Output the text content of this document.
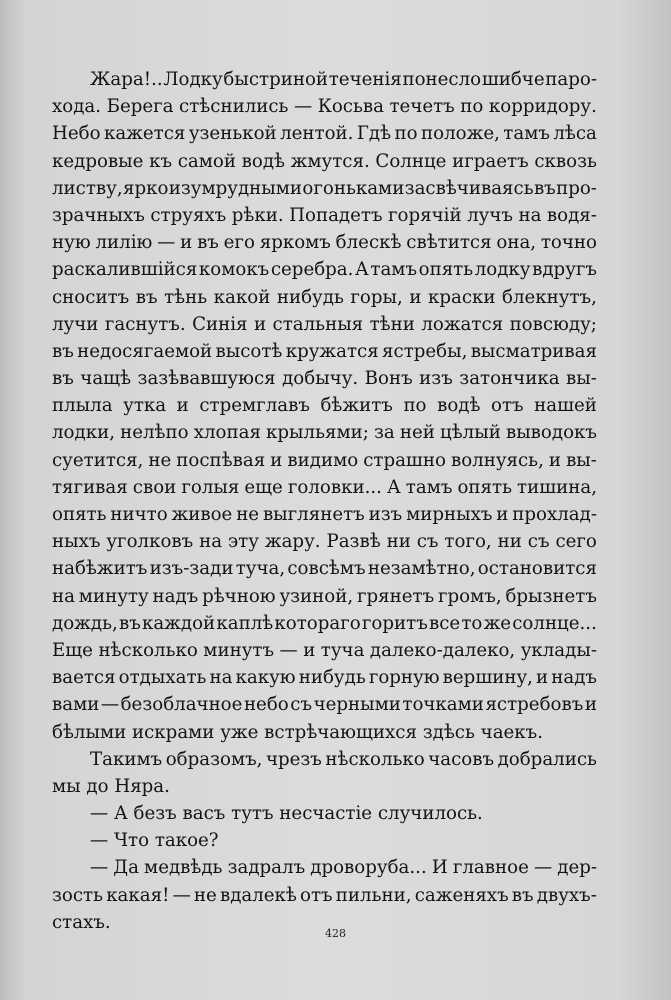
Жара!.. Лодку быстриной теченія понесло шибче паро-
хода. Берега стѣснились — Косьва течетъ по корридору.
Небо кажется узенькой лентой. Гдѣ по положе, тамъ лѣса
кедровые къ самой водѣ жмутся. Солнце играетъ сквозь
листву, ярко изумрудными огоньками засвѣчиваясь въ про-
зрачныхъ струяхъ рѣки. Попадетъ горячій лучъ на водя-
ную лилію — и въ его яркомъ блескѣ свѣтится она, точно
раскалившійся комокъ серебра. А тамъ опять лодку вдругъ
сноситъ въ тѣнь какой нибудь горы, и краски блекнутъ,
лучи гаснутъ. Синія и стальныя тѣни ложатся повсюду;
въ недосягаемой высотѣ кружатся ястребы, высматривая
въ чащѣ зазѣвавшуюся добычу. Вонъ изъ затончика вы-
плыла утка и стремглавъ бѣжитъ по водѣ отъ нашей
лодки, нелѣпо хлопая крыльями; за ней цѣлый выводокъ
суетится, не поспѣвая и видимо страшно волнуясь, и вы-
тягивая свои голыя еще головки... А тамъ опять тишина,
опять ничто живое не выглянетъ изъ мирныхъ и прохлад-
ныхъ уголковъ на эту жару. Развѣ ни съ того, ни съ сего
набѣжитъ изъ-зади туча, совсѣмъ незамѣтно, остановится
на минуту надъ рѣчною узиной, грянетъ громъ, брызнетъ
дождь, въ каждой каплѣ котораго горитъ все то же солнце...
Еще нѣсколько минутъ — и туча далеко-далеко, уклады-
вается отдыхать на какую нибудь горную вершину, и надъ
вами — безоблачное небо съ черными точками ястребовъ и
бѣлыми искрами уже встрѣчающихся здѣсь чаекъ.
Такимъ образомъ, чрезъ нѣсколько часовъ добрались
мы до Няра.
— А безъ васъ тутъ несчастіе случилось.
— Что такое?
— Да медвѣдь задралъ дроворуба... И главное — дер-
зость какая! — не вдалекѣ отъ пильни, саженяхъ въ двухъ-
стахъ.
428
